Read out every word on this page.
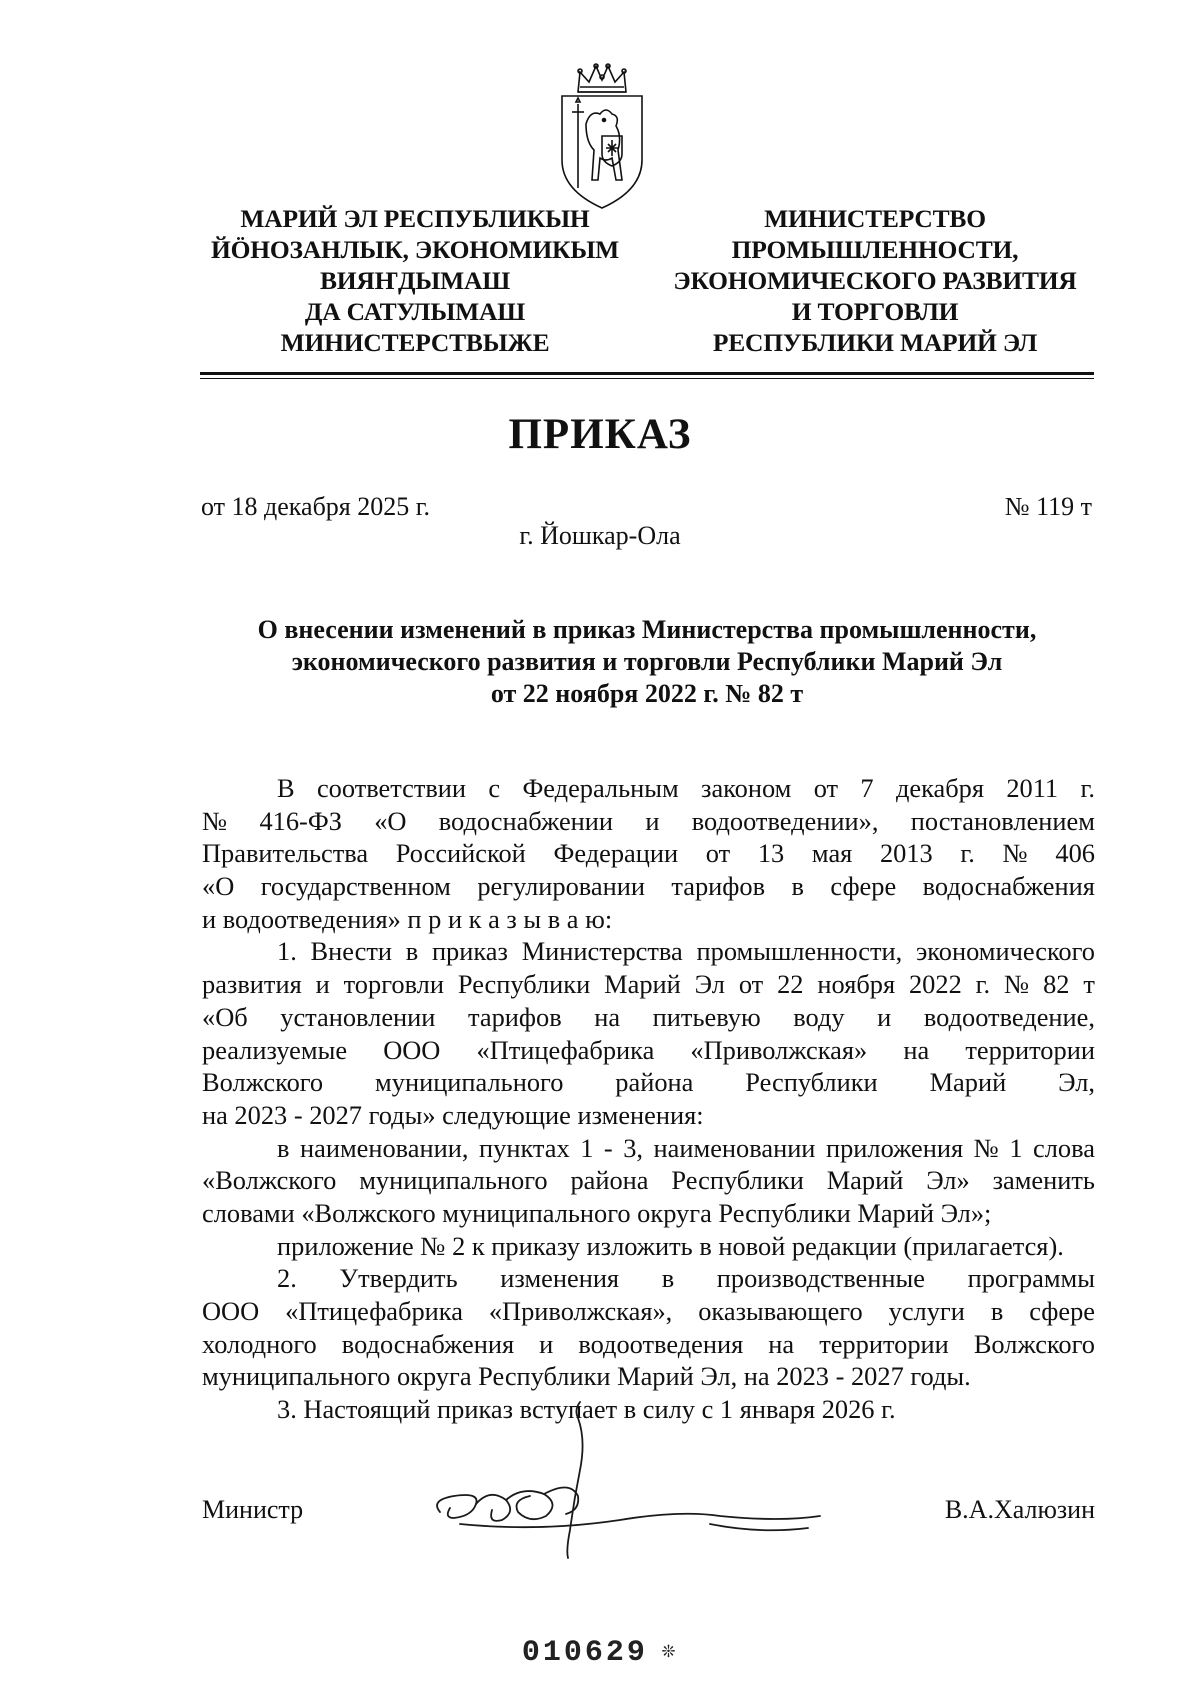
МАРИЙ ЭЛ РЕСПУБЛИКЫН
ЙӦНОЗАНЛЫК, ЭКОНОМИКЫМ
ВИЯҤДЫМАШ
ДА САТУЛЫМАШ
МИНИСТЕРСТВЫЖЕ
МИНИСТЕРСТВО
ПРОМЫШЛЕННОСТИ,
ЭКОНОМИЧЕСКОГО РАЗВИТИЯ
И ТОРГОВЛИ
РЕСПУБЛИКИ МАРИЙ ЭЛ
ПРИКАЗ
от 18 декабря 2025 г.	№ 119 т
г. Йошкар-Ола
О внесении изменений в приказ Министерства промышленности,
экономического развития и торговли Республики Марий Эл
от 22 ноября 2022 г. № 82 т
В соответствии с Федеральным законом от 7 декабря 2011 г.
№ 416-ФЗ «О водоснабжении и водоотведении», постановлением
Правительства Российской Федерации от 13 мая 2013 г. № 406
«О государственном регулировании тарифов в сфере водоснабжения
и водоотведения» п р и к а з ы в а ю:
1. Внести в приказ Министерства промышленности, экономического
развития и торговли Республики Марий Эл от 22 ноября 2022 г. № 82 т
«Об установлении тарифов на питьевую воду и водоотведение,
реализуемые ООО «Птицефабрика «Приволжская» на территории
Волжского муниципального района Республики Марий Эл,
на 2023 - 2027 годы» следующие изменения:
в наименовании, пунктах 1 - 3, наименовании приложения № 1 слова
«Волжского муниципального района Республики Марий Эл» заменить
словами «Волжского муниципального округа Республики Марий Эл»;
приложение № 2 к приказу изложить в новой редакции (прилагается).
2. Утвердить изменения в производственные программы
ООО «Птицефабрика «Приволжская», оказывающего услуги в сфере
холодного водоснабжения и водоотведения на территории Волжского
муниципального округа Республики Марий Эл, на 2023 - 2027 годы.
3. Настоящий приказ вступает в силу с 1 января 2026 г.
Министр	В.А.Халюзин
010629 ❊
